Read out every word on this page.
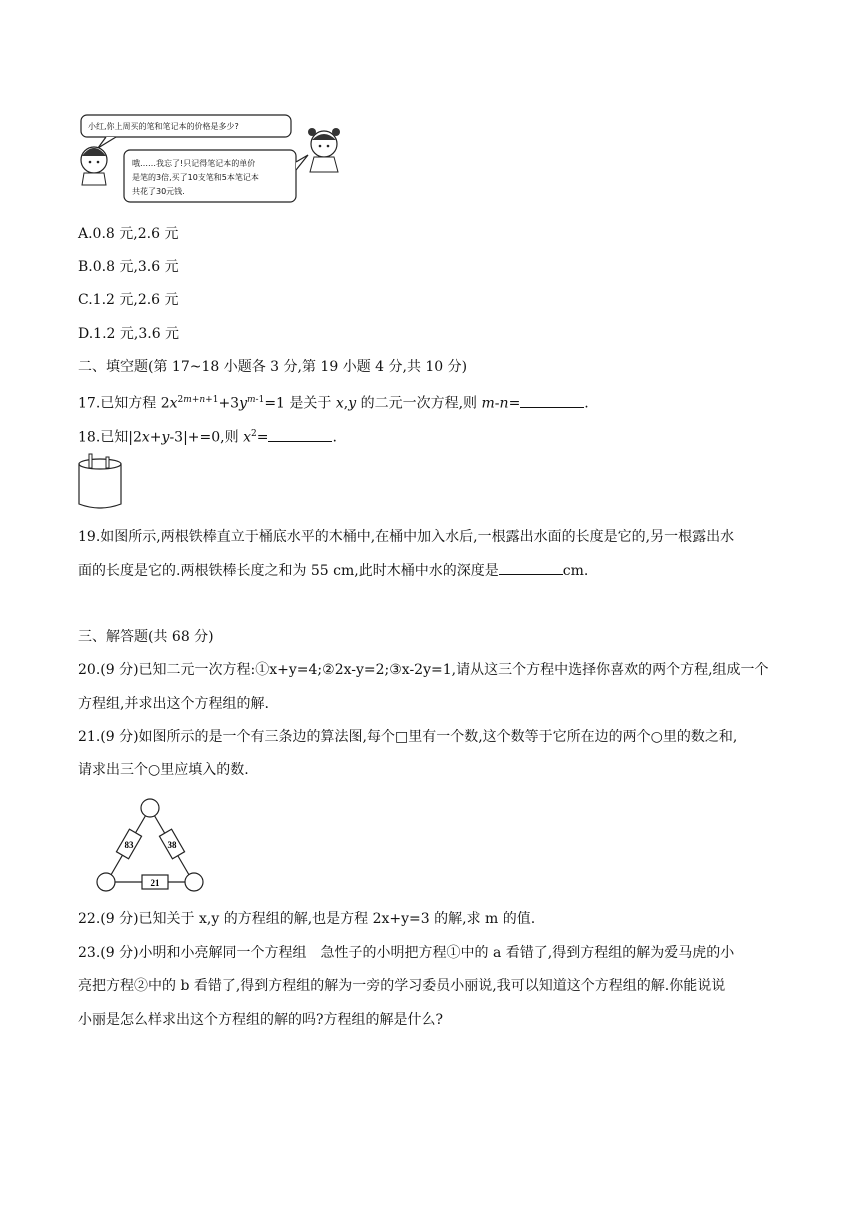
小红,你上周买的笔和笔记本的价格是多少?
哦……我忘了!只记得笔记本的单价
是笔的3倍,买了10支笔和5本笔记本
共花了30元钱.
A.0.8 元,2.6 元
B.0.8 元,3.6 元
C.1.2 元,2.6 元
D.1.2 元,3.6 元
二、填空题(第 17~18 小题各 3 分,第 19 小题 4 分,共 10 分)
17.已知方程 $2x^{2m+n+1}+3y^{m-1}=1$ 是关于 x,y 的二元一次方程,则 m-n=	.
18.已知|2x+y-3|+=0,则 $x^2=$	.
19.如图所示,两根铁棒直立于桶底水平的木桶中,在桶中加入水后,一根露出水面的长度是它的,另一根露出水
面的长度是它的.两根铁棒长度之和为 55 cm,此时木桶中水的深度是	cm.
三、解答题(共 68 分)
20.(9 分)已知二元一次方程:①x+y=4;②2x-y=2;③x-2y=1,请从这三个方程中选择你喜欢的两个方程,组成一个
方程组,并求出这个方程组的解.
21.(9 分)如图所示的是一个有三条边的算法图,每个□里有一个数,这个数等于它所在边的两个○里的数之和,
请求出三个○里应填入的数.
83	38
21
22.(9 分)已知关于 x,y 的方程组的解,也是方程 2x+y=3 的解,求 m 的值.
23.(9 分)小明和小亮解同一个方程组　急性子的小明把方程①中的 a 看错了,得到方程组的解为爱马虎的小
亮把方程②中的 b 看错了,得到方程组的解为一旁的学习委员小丽说,我可以知道这个方程组的解.你能说说
小丽是怎么样求出这个方程组的解的吗?方程组的解是什么?
